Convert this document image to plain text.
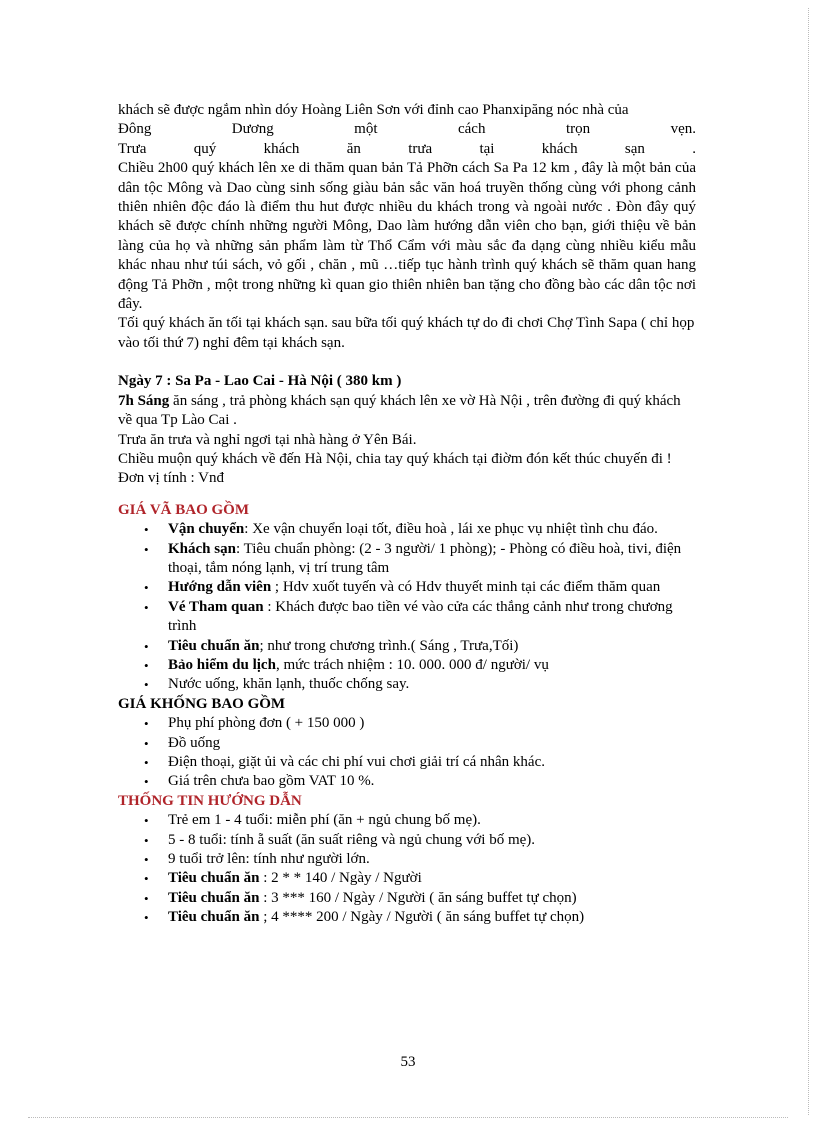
khách sẽ được ngắm nhìn dóy Hoàng Liên Sơn với đỉnh cao Phanxipăng nóc nhà của

Đông Dương một cách trọn vẹn.

Trưa quý khách ăn trưa tại khách sạn .

Chiều 2h00 quý khách lên xe di thăm quan bản Tả Phỡn cách Sa Pa 12 km , đây là một bản của dân tộc Mông và Dao cùng sinh sống giàu bản sắc văn hoá truyền thống cùng với phong cảnh thiên nhiên độc đáo là điểm thu hut được nhiều du khách trong và ngoài nước . Đòn đây quý khách sẽ được chính những người Mông, Dao làm hướng dẫn viên cho bạn, giới thiệu về bản làng của họ và những sản phẩm làm từ Thổ Cẩm với màu sắc đa dạng cùng nhiều kiểu mẫu khác nhau như túi sách, vỏ gối , chăn , mũ …tiếp tục hành trình quý khách sẽ thăm quan hang động Tả Phỡn , một trong những kì quan gio thiên nhiên ban tặng cho đồng bào các dân tộc nơi đây.

Tối quý khách ăn tối tại khách sạn. sau bữa tối quý khách tự do đi chơi Chợ Tình Sapa ( chỉ họp vào tối thứ 7) nghỉ đêm tại khách sạn.

Ngày 7 : Sa Pa - Lao Cai - Hà Nội ( 380 km )

7h Sáng ăn sáng , trả phòng khách sạn quý khách lên xe vờ Hà Nội , trên đường đi quý khách về qua Tp Lào Cai .

Trưa ăn trưa và nghỉ ngơi tại nhà hàng ở Yên Bái.

Chiều muộn quý khách về đến Hà Nội, chia tay quý khách tại điờm đón kết thúc chuyến đi !

Đơn vị tính : Vnđ

GIÁ VÃ BAO GỒM

• Vận chuyển: Xe vận chuyển loại tốt, điều hoà , lái xe phục vụ nhiệt tình chu đáo.
• Khách sạn: Tiêu chuẩn phòng: (2 - 3 người/ 1 phòng); - Phòng có điều hoà, tivi, điện thoại, tắm nóng lạnh, vị trí trung tâm
• Hướng dẫn viên ; Hdv xuốt tuyến và có Hdv thuyết minh tại các điểm thăm quan
• Vé Tham quan : Khách được bao tiền vé vào cửa các thắng cảnh như trong chương trình
• Tiêu chuẩn ăn; như trong chương trình.( Sáng , Trưa,Tối)
• Bảo hiểm du lịch, mức trách nhiệm : 10. 000. 000 đ/ người/ vụ
• Nước uống, khăn lạnh, thuốc chống say.

GIÁ KHỐNG BAO GỒM

• Phụ phí phòng đơn ( + 150 000 )
• Đồ uống
• Điện thoại, giặt ủi và các chi phí vui chơi giải trí cá nhân khác.
• Giá trên chưa bao gồm VAT 10 %.

THỐNG TIN HƯỚNG DẪN

• Trẻ em 1 - 4 tuổi: miễn phí (ăn + ngủ chung bố mẹ).
• 5 - 8 tuổi: tính ẵ suất (ăn suất riêng và ngủ chung với bố mẹ).
• 9 tuổi trở lên: tính như người lớn.
• Tiêu chuẩn ăn : 2 * * 140 / Ngày / Người
• Tiêu chuẩn ăn : 3 *** 160 / Ngày / Người ( ăn sáng buffet tự chọn)
• Tiêu chuẩn ăn ; 4 **** 200 / Ngày / Người ( ăn sáng buffet tự chọn)
53
